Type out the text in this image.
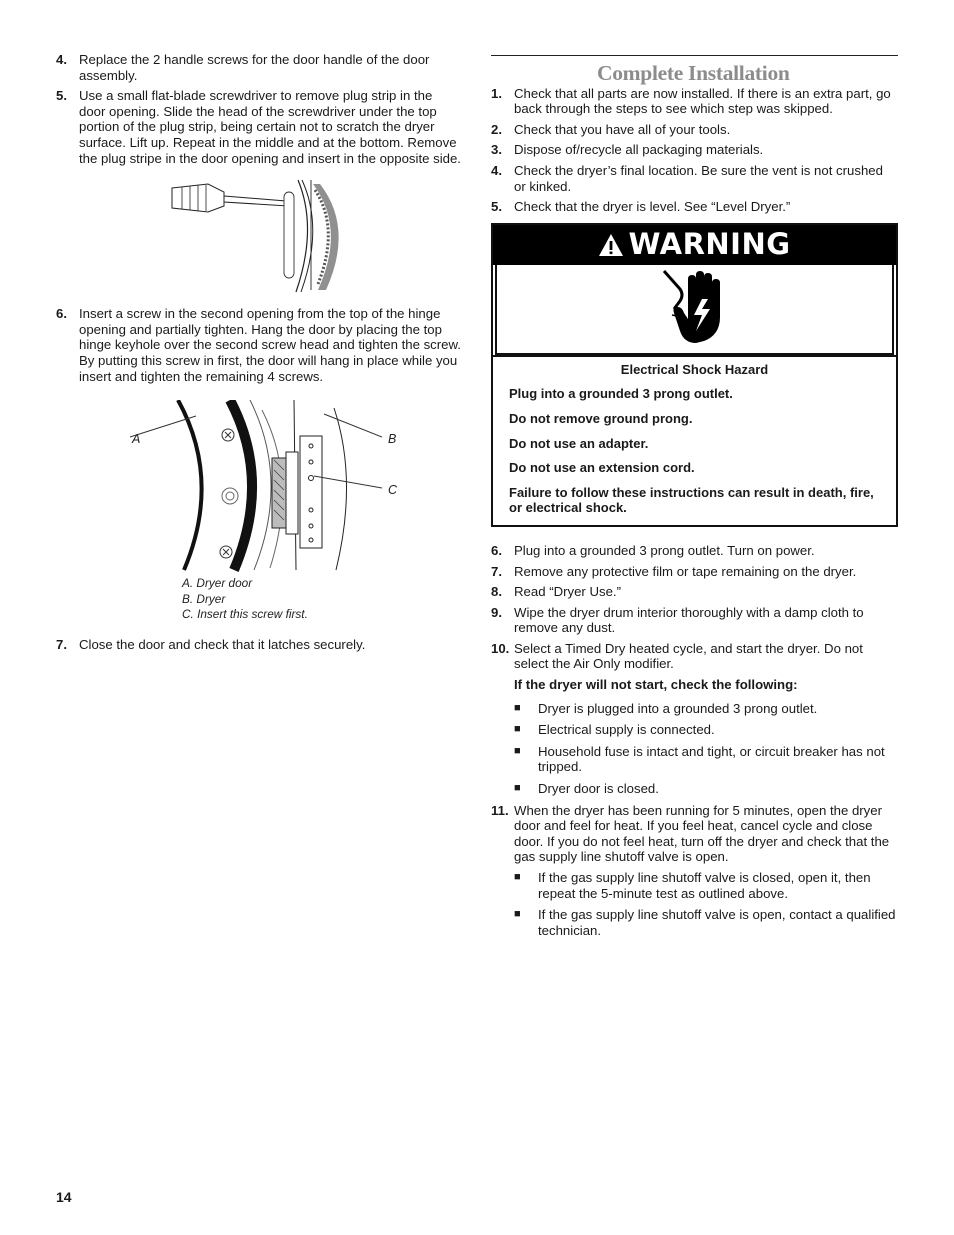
4. Replace the 2 handle screws for the door handle of the door assembly.
5. Use a small flat-blade screwdriver to remove plug strip in the door opening. Slide the head of the screwdriver under the top portion of the plug strip, being certain not to scratch the dryer surface. Lift up. Repeat in the middle and at the bottom. Remove the plug stripe in the door opening and insert in the opposite side.
6. Insert a screw in the second opening from the top of the hinge opening and partially tighten. Hang the door by placing the top hinge keyhole over the second screw head and tighten the screw. By putting this screw in first, the door will hang in place while you insert and tighten the remaining 4 screws.
A	B
C
A. Dryer door
B. Dryer
C. Insert this screw first.
7. Close the door and check that it latches securely.
Complete Installation
1. Check that all parts are now installed. If there is an extra part, go back through the steps to see which step was skipped.
2. Check that you have all of your tools.
3. Dispose of/recycle all packaging materials.
4. Check the dryer’s final location. Be sure the vent is not crushed or kinked.
5. Check that the dryer is level. See “Level Dryer.”
WARNING
Electrical Shock Hazard

Plug into a grounded 3 prong outlet.

Do not remove ground prong.

Do not use an adapter.

Do not use an extension cord.

Failure to follow these instructions can result in death, fire, or electrical shock.

6. Plug into a grounded 3 prong outlet. Turn on power.
7. Remove any protective film or tape remaining on the dryer.
8. Read “Dryer Use.”
9. Wipe the dryer drum interior thoroughly with a damp cloth to remove any dust.
10. Select a Timed Dry heated cycle, and start the dryer. Do not select the Air Only modifier.
If the dryer will not start, check the following:
■	Dryer is plugged into a grounded 3 prong outlet.
■	Electrical supply is connected.
■	Household fuse is intact and tight, or circuit breaker has not tripped.
■	Dryer door is closed.
11. When the dryer has been running for 5 minutes, open the dryer door and feel for heat. If you feel heat, cancel cycle and close door. If you do not feel heat, turn off the dryer and check that the gas supply line shutoff valve is open.
■	If the gas supply line shutoff valve is closed, open it, then repeat the 5-minute test as outlined above.
■	If the gas supply line shutoff valve is open, contact a qualified technician.
14
